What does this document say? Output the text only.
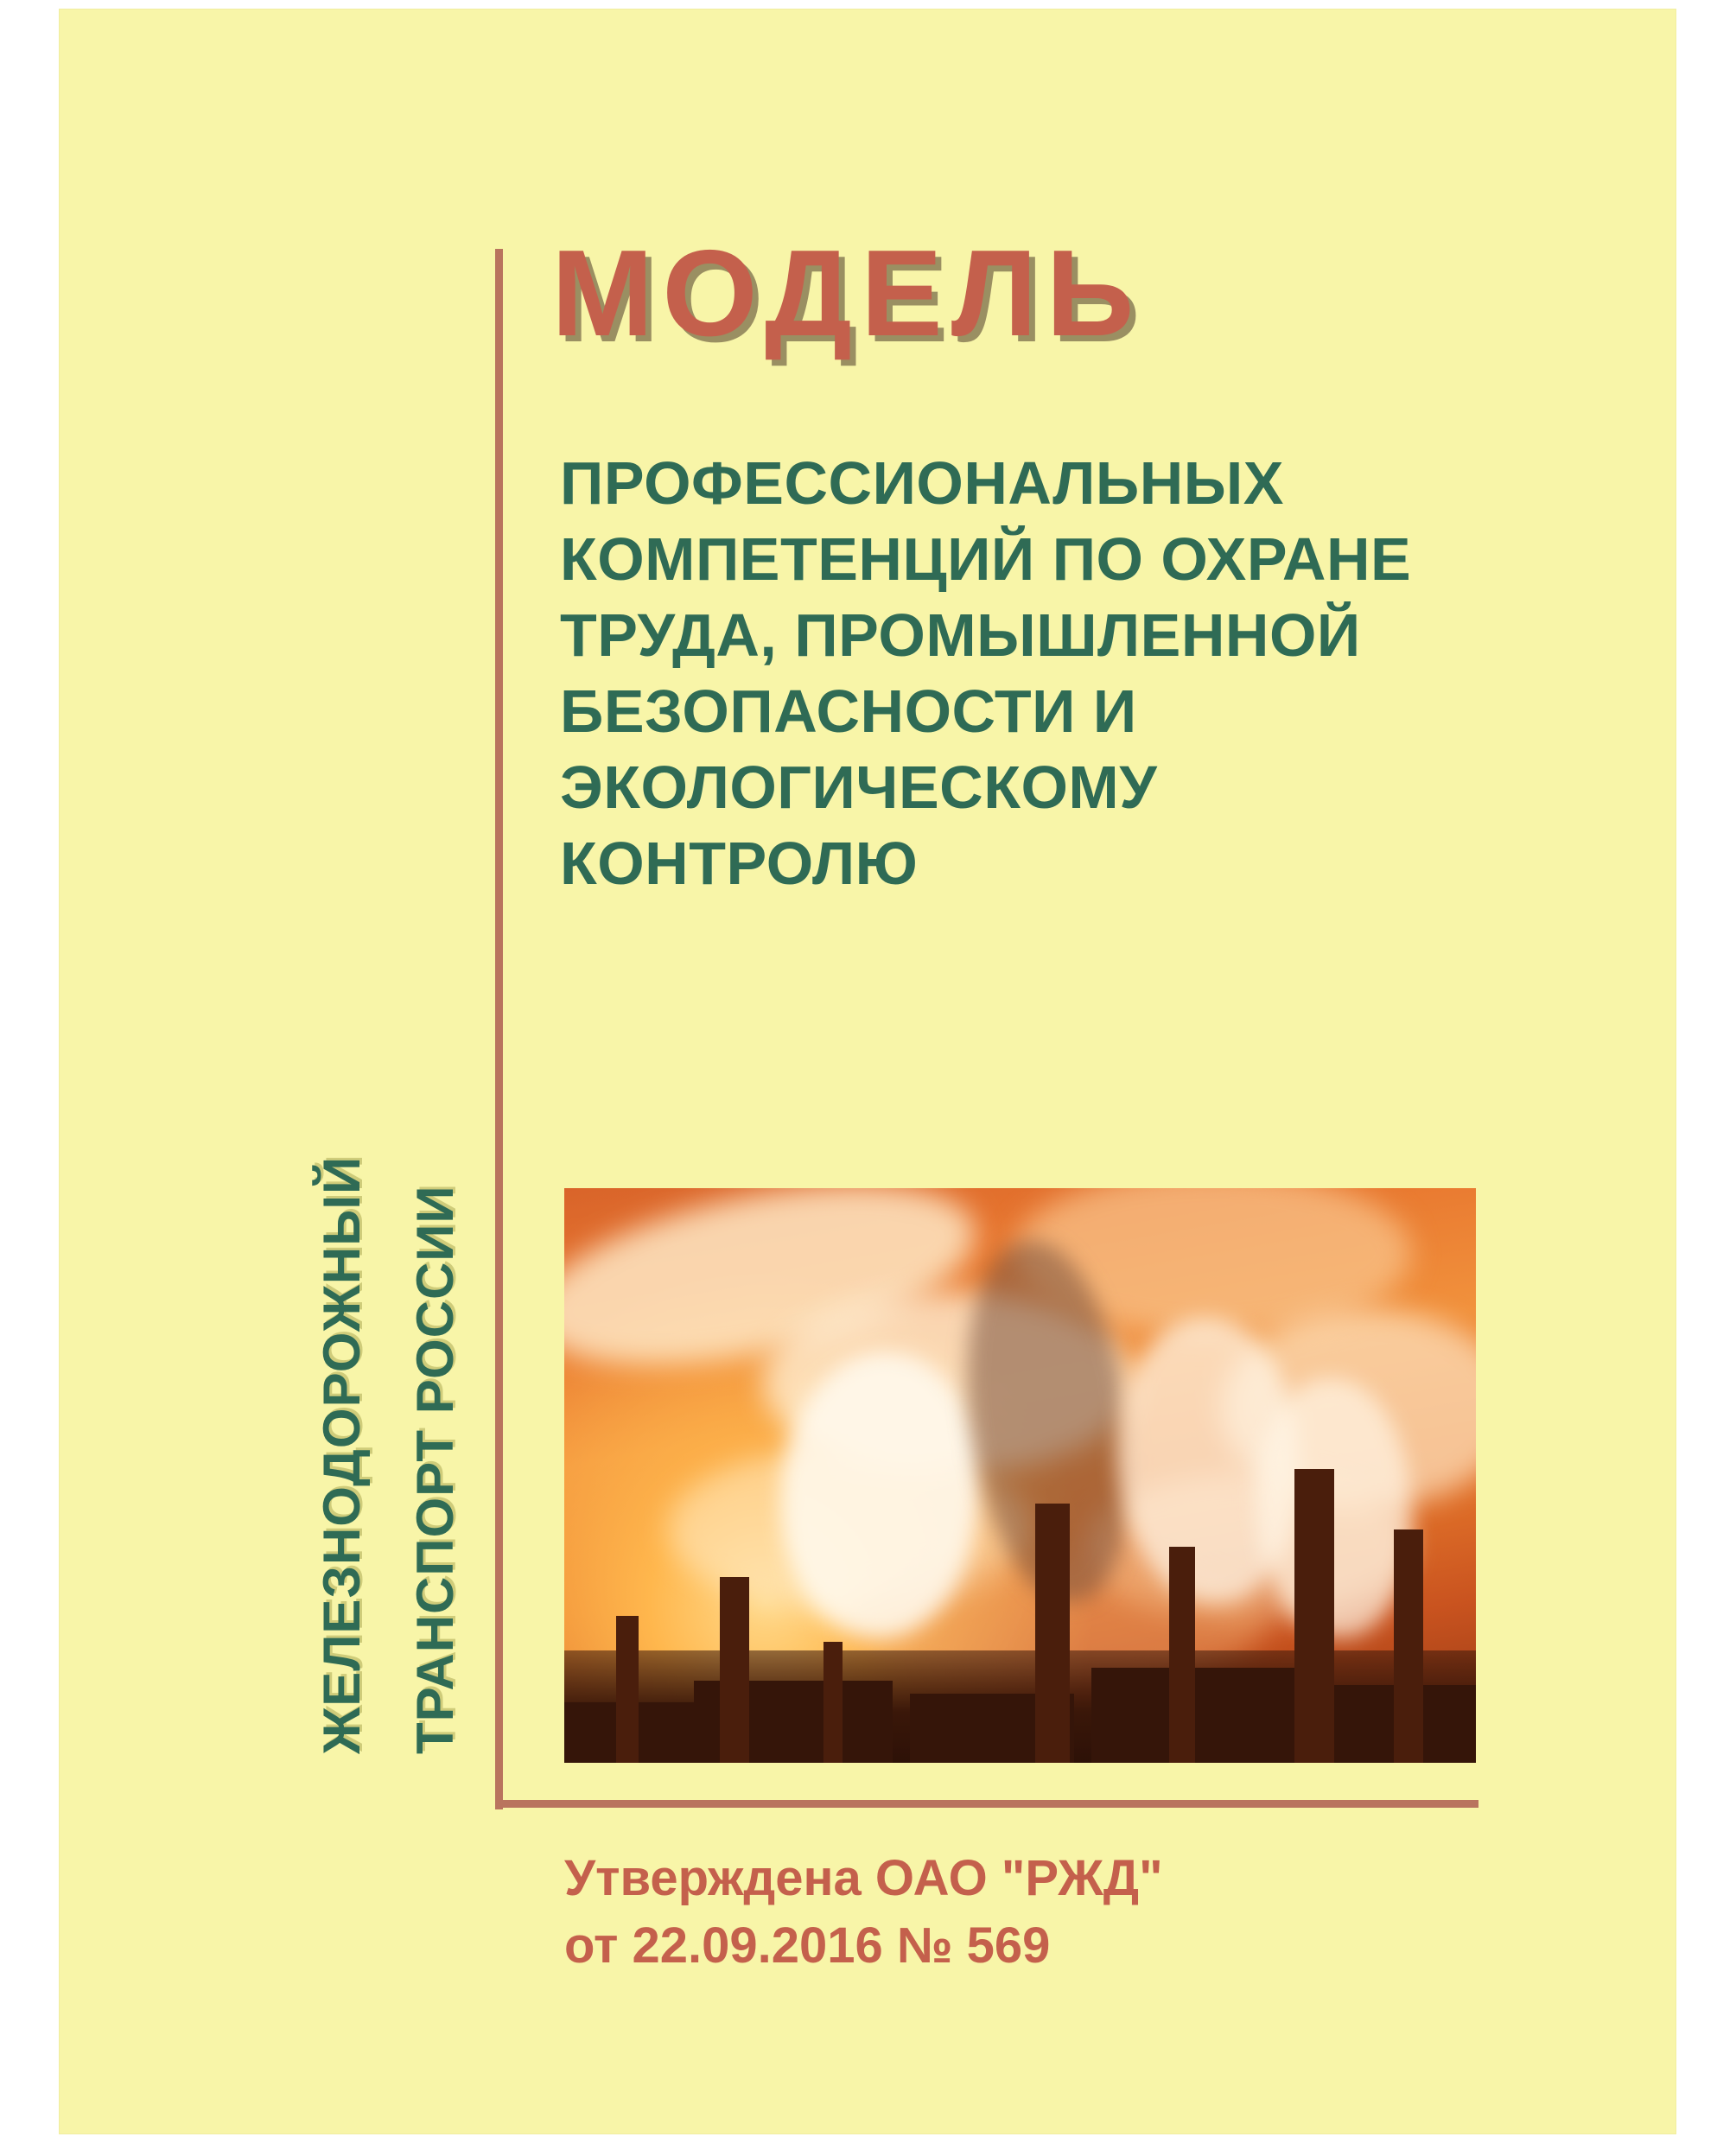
ЖЕЛЕЗНОДОРОЖНЫЙ ТРАНСПОРТ РОССИИ
МОДЕЛЬ
ПРОФЕССИОНАЛЬНЫХ КОМПЕТЕНЦИЙ ПО ОХРАНЕ ТРУДА, ПРОМЫШЛЕННОЙ БЕЗОПАСНОСТИ И ЭКОЛОГИЧЕСКОМУ КОНТРОЛЮ
Утверждена ОАО "РЖД"
от 22.09.2016 № 569
